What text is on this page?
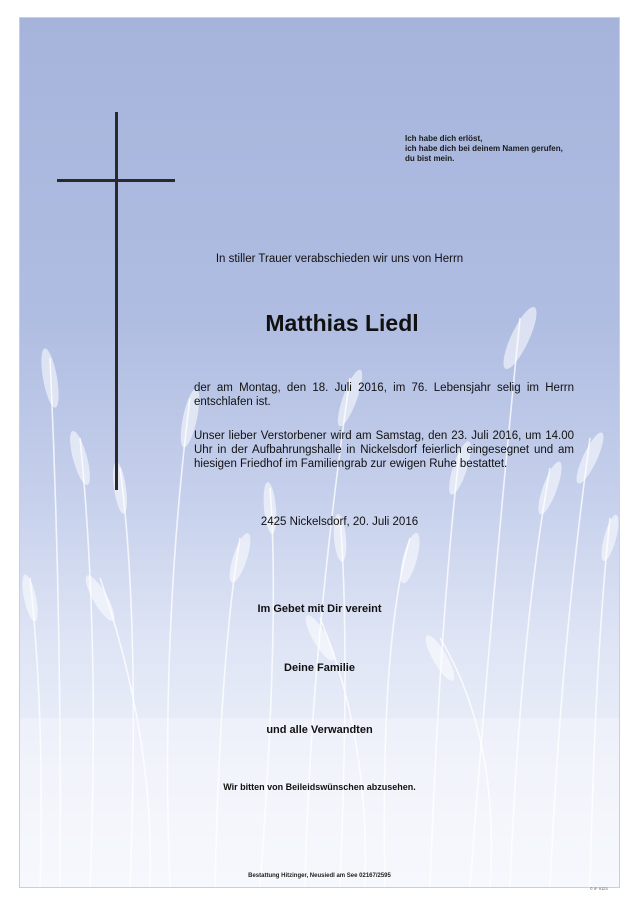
Ich habe dich erlöst,
ich habe dich bei deinem Namen gerufen,
du bist mein.
In stiller Trauer verabschieden wir uns von Herrn
Matthias Liedl
der am Montag, den 18. Juli 2016, im 76. Lebensjahr selig im Herrn entschlafen ist.
Unser lieber Verstorbener wird am Samstag, den 23. Juli 2016, um 14.00 Uhr in der Aufbahrungshalle in Nickelsdorf feierlich eingesegnet und am hiesigen Friedhof im Familiengrab zur ewigen Ruhe bestattet.
2425 Nickelsdorf, 20. Juli 2016
Im Gebet mit Dir vereint
Deine Familie
und alle Verwandten
Wir bitten von Beileidswünschen abzusehen.
Bestattung Hitzinger, Neusiedl am See 02167/2595
© IF 9123
